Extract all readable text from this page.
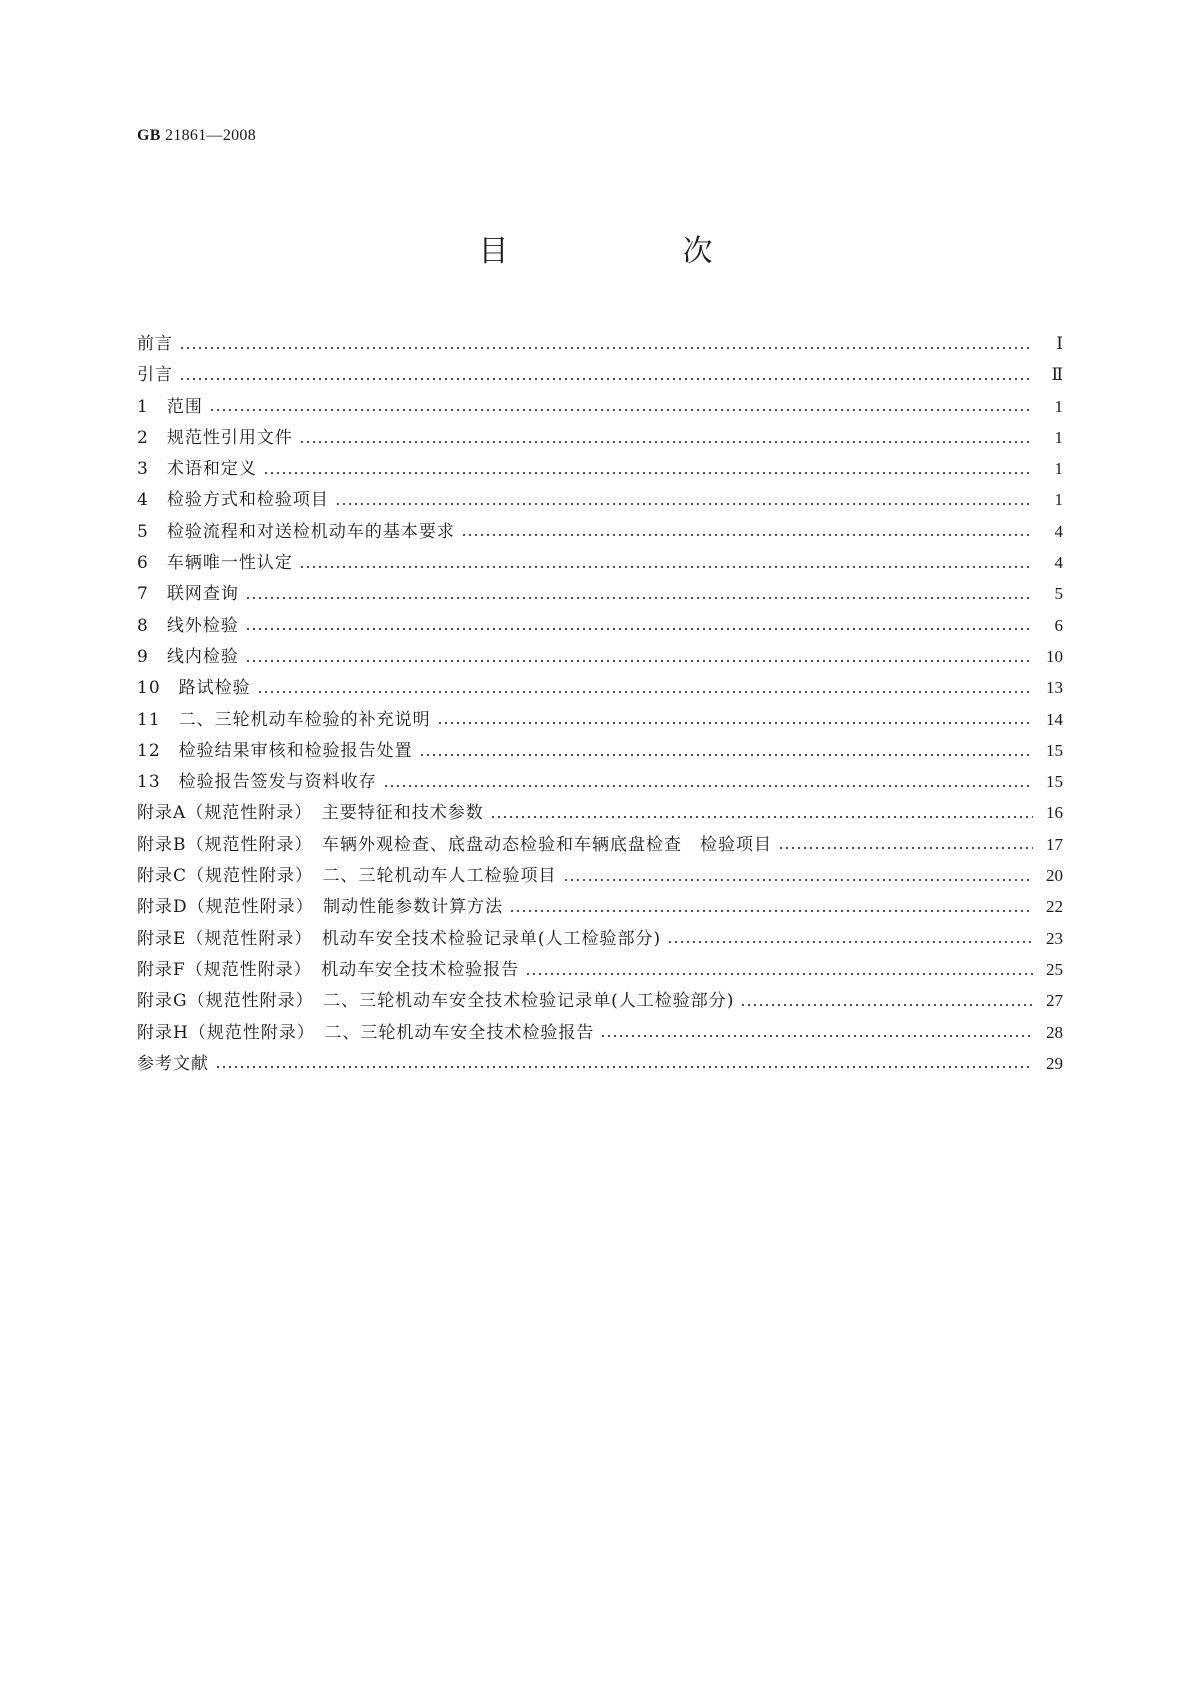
GB 21861—2008
目　次
前言	Ⅰ
引言	Ⅱ
1　范围	1
2　规范性引用文件	1
3　术语和定义	1
4　检验方式和检验项目	1
5　检验流程和对送检机动车的基本要求	4
6　车辆唯一性认定	4
7　联网查询	5
8　线外检验	6
9　线内检验	10
10　路试检验	13
11　二、三轮机动车检验的补充说明	14
12　检验结果审核和检验报告处置	15
13　检验报告签发与资料收存	15
附录A（规范性附录）　主要特征和技术参数	16
附录B（规范性附录）　车辆外观检查、底盘动态检验和车辆底盘检查　检验项目	17
附录C（规范性附录）　二、三轮机动车人工检验项目	20
附录D（规范性附录）　制动性能参数计算方法	22
附录E（规范性附录）　机动车安全技术检验记录单(人工检验部分)	23
附录F（规范性附录）　机动车安全技术检验报告	25
附录G（规范性附录）　二、三轮机动车安全技术检验记录单(人工检验部分)	27
附录H（规范性附录）　二、三轮机动车安全技术检验报告	28
参考文献	29
